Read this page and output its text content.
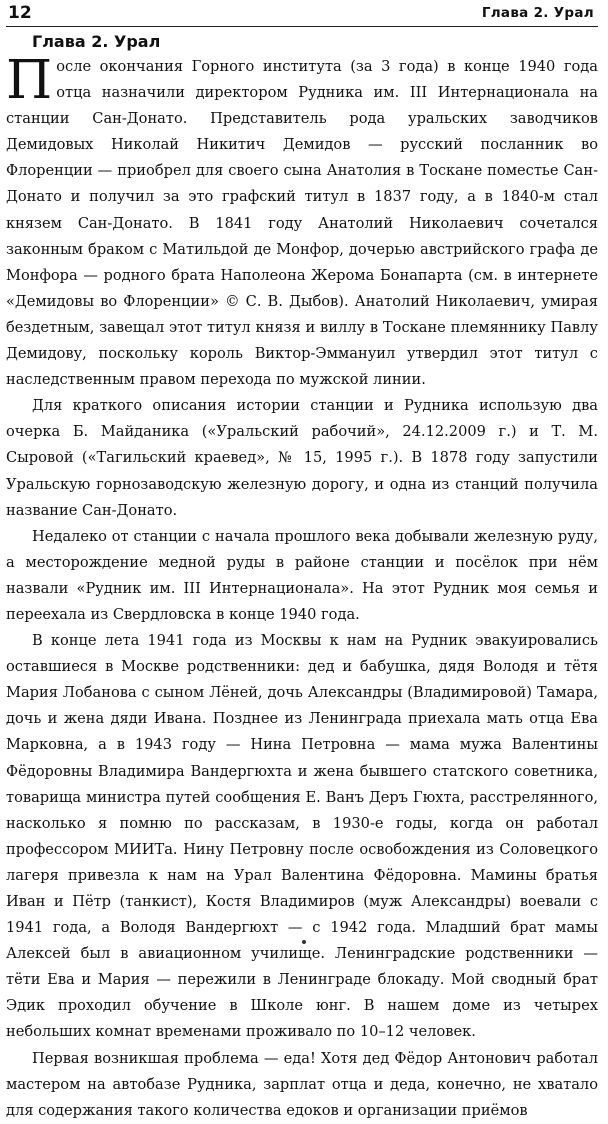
12	Глава 2. Урал
Глава 2. Урал

После окончания Горного института (за 3 года) в конце 1940 года отца назначили директором Рудника им. III Интернационала на станции Сан-Донато. Представитель рода уральских заводчиков Демидовых Николай Никитич Демидов — русский посланник во Флоренции — приобрел для своего сына Анатолия в Тоскане поместье Сан-Донато и получил за это графский титул в 1837 году, а в 1840-м стал князем Сан-Донато. В 1841 году Анатолий Николаевич сочетался законным браком с Матильдой де Монфор, дочерью австрийского графа де Монфора — родного брата Наполеона Жерома Бонапарта (см. в интернете «Демидовы во Флоренции» © С. В. Дыбов). Анатолий Николаевич, умирая бездетным, завещал этот титул князя и виллу в Тоскане племяннику Павлу Демидову, поскольку король Виктор-Эммануил утвердил этот титул с наследственным правом перехода по мужской линии.

Для краткого описания истории станции и Рудника использую два очерка Б. Майданика («Уральский рабочий», 24.12.2009 г.) и Т. М. Сыровой («Тагильский краевед», № 15, 1995 г.). В 1878 году запустили Уральскую горнозаводскую железную дорогу, и одна из станций получила название Сан-Донато.

Недалеко от станции с начала прошлого века добывали железную руду, а месторождение медной руды в районе станции и посёлок при нём назвали «Рудник им. III Интернационала». На этот Рудник моя семья и переехала из Свердловска в конце 1940 года.

В конце лета 1941 года из Москвы к нам на Рудник эвакуировались оставшиеся в Москве родственники: дед и бабушка, дядя Володя и тётя Мария Лобанова с сыном Лёней, дочь Александры (Владимировой) Тамара, дочь и жена дяди Ивана. Позднее из Ленинграда приехала мать отца Ева Марковна, а в 1943 году — Нина Петровна — мама мужа Валентины Фёдоровны Владимира Вандергюхта и жена бывшего статского советника, товарища министра путей сообщения Е. Ванъ Деръ Гюхта, расстрелянного, насколько я помню по рассказам, в 1930-е годы, когда он работал профессором МИИТа. Нину Петровну после освобождения из Соловецкого лагеря привезла к нам на Урал Валентина Фёдоровна. Мамины братья Иван и Пётр (танкист), Костя Владимиров (муж Александры) воевали с 1941 года, а Володя Вандергюхт — с 1942 года. Младший брат мамы Алексей был в авиационном училище. Ленинградские родственники — тёти Ева и Мария — пережили в Ленинграде блокаду. Мой сводный брат Эдик проходил обучение в Школе юнг. В нашем доме из четырех небольших комнат временами проживало по 10–12 человек.

Первая возникшая проблема — еда! Хотя дед Фёдор Антонович работал мастером на автобазе Рудника, зарплат отца и деда, конечно, не хватало для содержания такого количества едоков и организации приёмов
